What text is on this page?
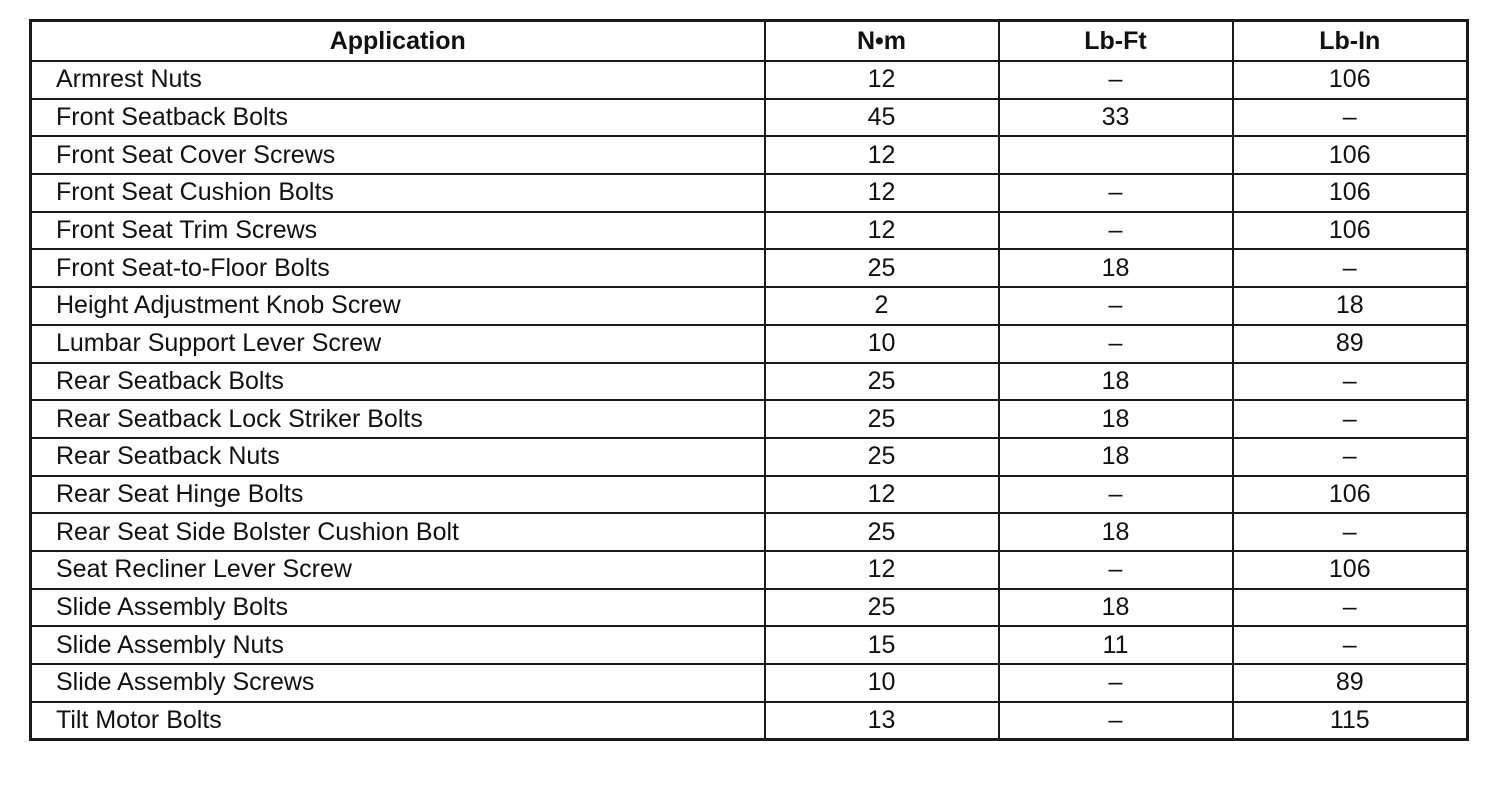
Application	N•m	Lb-Ft	Lb-In
Armrest Nuts	12	–	106
Front Seatback Bolts	45	33	–
Front Seat Cover Screws	12		106
Front Seat Cushion Bolts	12	–	106
Front Seat Trim Screws	12	–	106
Front Seat-to-Floor Bolts	25	18	–
Height Adjustment Knob Screw	2	–	18
Lumbar Support Lever Screw	10	–	89
Rear Seatback Bolts	25	18	–
Rear Seatback Lock Striker Bolts	25	18	–
Rear Seatback Nuts	25	18	–
Rear Seat Hinge Bolts	12	–	106
Rear Seat Side Bolster Cushion Bolt	25	18	–
Seat Recliner Lever Screw	12	–	106
Slide Assembly Bolts	25	18	–
Slide Assembly Nuts	15	11	–
Slide Assembly Screws	10	–	89
Tilt Motor Bolts	13	–	115
